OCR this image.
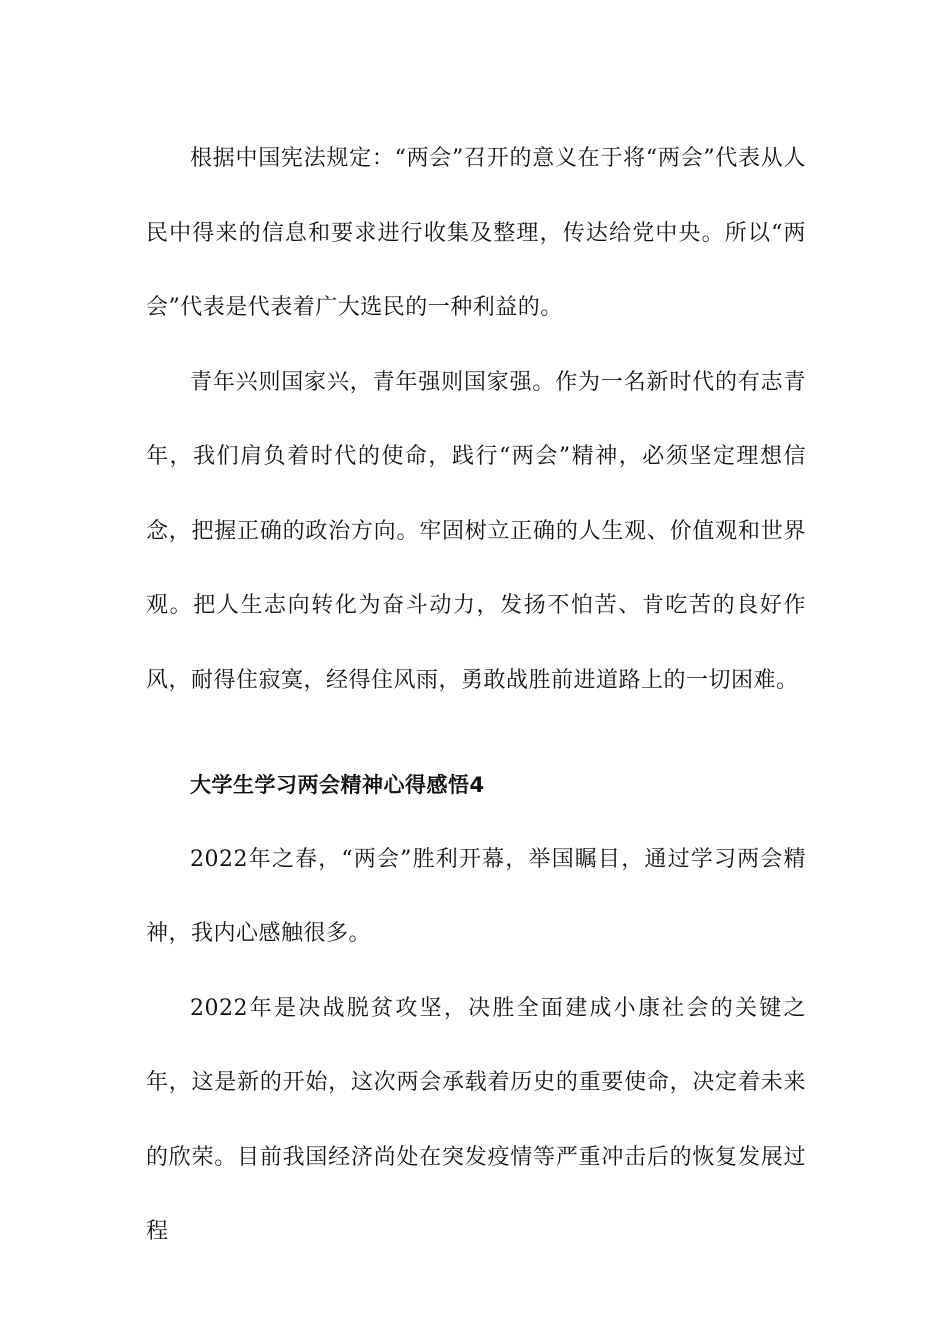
根据中国宪法规定：“两会”召开的意义在于将“两会”代表从人民中得来的信息和要求进行收集及整理，传达给党中央。所以“两会”代表是代表着广大选民的一种利益的。

青年兴则国家兴，青年强则国家强。作为一名新时代的有志青年，我们肩负着时代的使命，践行“两会”精神，必须坚定理想信念，把握正确的政治方向。牢固树立正确的人生观、价值观和世界观。把人生志向转化为奋斗动力，发扬不怕苦、肯吃苦的良好作风，耐得住寂寞，经得住风雨，勇敢战胜前进道路上的一切困难。

大学生学习两会精神心得感悟4

2022年之春，“两会”胜利开幕，举国瞩目，通过学习两会精神，我内心感触很多。

2022年是决战脱贫攻坚，决胜全面建成小康社会的关键之年，这是新的开始，这次两会承载着历史的重要使命，决定着未来的欣荣。目前我国经济尚处在突发疫情等严重冲击后的恢复发展过程
